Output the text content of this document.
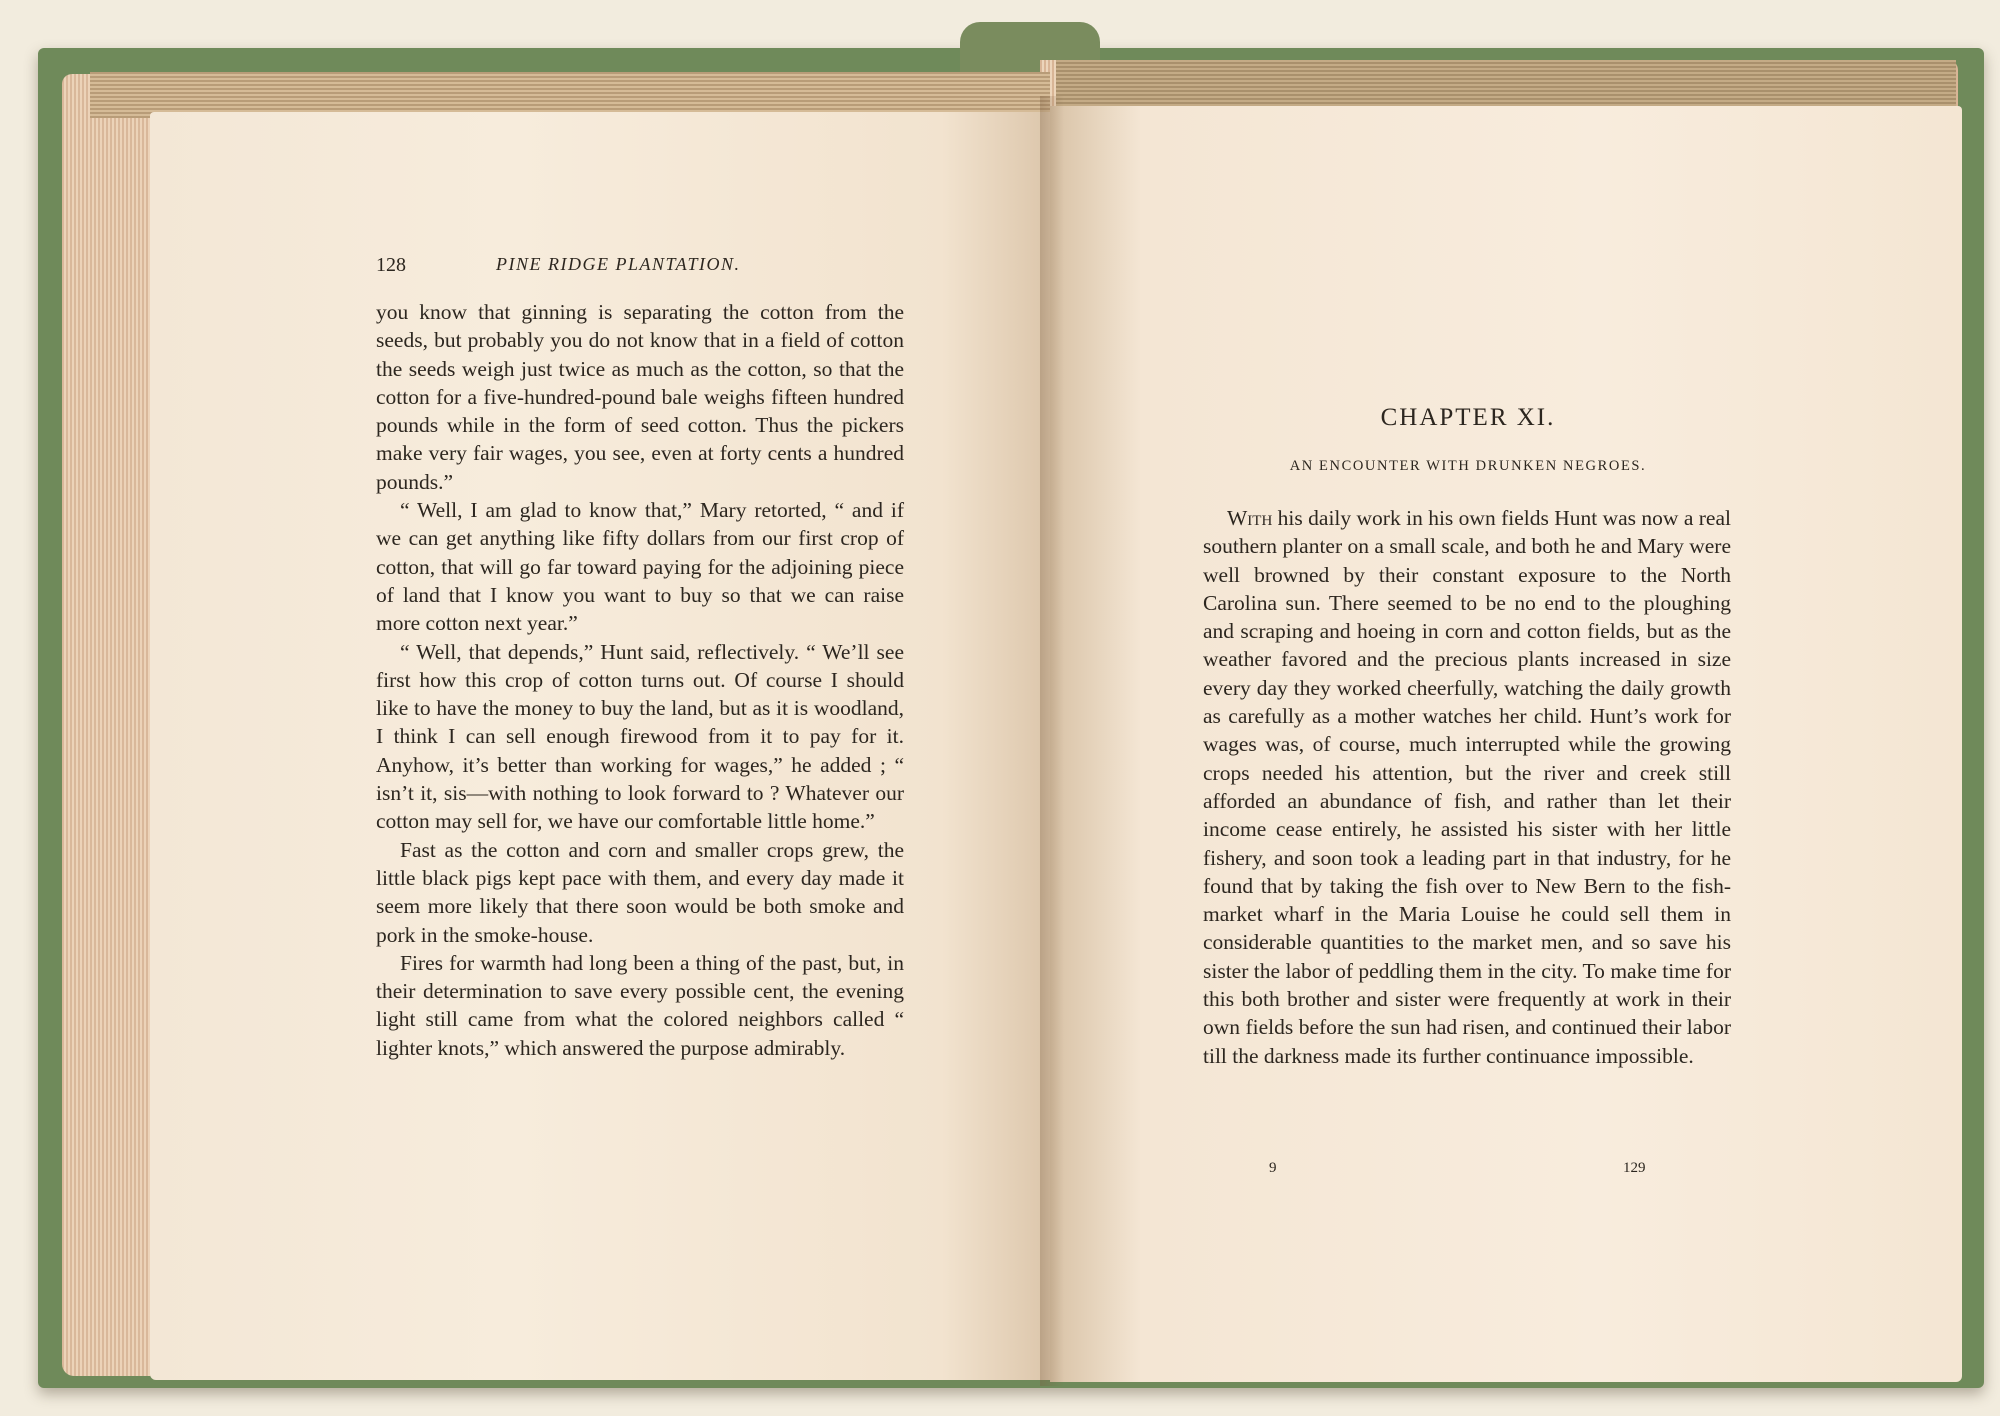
128	PINE RIDGE PLANTATION.

you know that ginning is separating the cotton from the seeds, but probably you do not know that in a field of cotton the seeds weigh just twice as much as the cotton, so that the cotton for a five-hundred-pound bale weighs fifteen hundred pounds while in the form of seed cotton. Thus the pickers make very fair wages, you see, even at forty cents a hundred pounds.”

“ Well, I am glad to know that,” Mary retorted, “ and if we can get anything like fifty dollars from our first crop of cotton, that will go far toward paying for the adjoining piece of land that I know you want to buy so that we can raise more cotton next year.”

“ Well, that depends,” Hunt said, reflectively. “ We’ll see first how this crop of cotton turns out. Of course I should like to have the money to buy the land, but as it is woodland, I think I can sell enough firewood from it to pay for it. Anyhow, it’s better than working for wages,” he added ; “ isn’t it, sis—with nothing to look forward to ? Whatever our cotton may sell for, we have our comfortable little home.”

Fast as the cotton and corn and smaller crops grew, the little black pigs kept pace with them, and every day made it seem more likely that there soon would be both smoke and pork in the smoke-house.

Fires for warmth had long been a thing of the past, but, in their determination to save every possible cent, the evening light still came from what the colored neighbors called “ lighter knots,” which answered the purpose admirably.

CHAPTER XI.
AN ENCOUNTER WITH DRUNKEN NEGROES.

With his daily work in his own fields Hunt was now a real southern planter on a small scale, and both he and Mary were well browned by their constant exposure to the North Carolina sun. There seemed to be no end to the ploughing and scraping and hoeing in corn and cotton fields, but as the weather favored and the precious plants increased in size every day they worked cheerfully, watching the daily growth as carefully as a mother watches her child. Hunt’s work for wages was, of course, much interrupted while the growing crops needed his attention, but the river and creek still afforded an abundance of fish, and rather than let their income cease entirely, he assisted his sister with her little fishery, and soon took a leading part in that industry, for he found that by taking the fish over to New Bern to the fish-market wharf in the Maria Louise he could sell them in considerable quantities to the market men, and so save his sister the labor of peddling them in the city. To make time for this both brother and sister were frequently at work in their own fields before the sun had risen, and continued their labor till the darkness made its further continuance impossible.

9	129
